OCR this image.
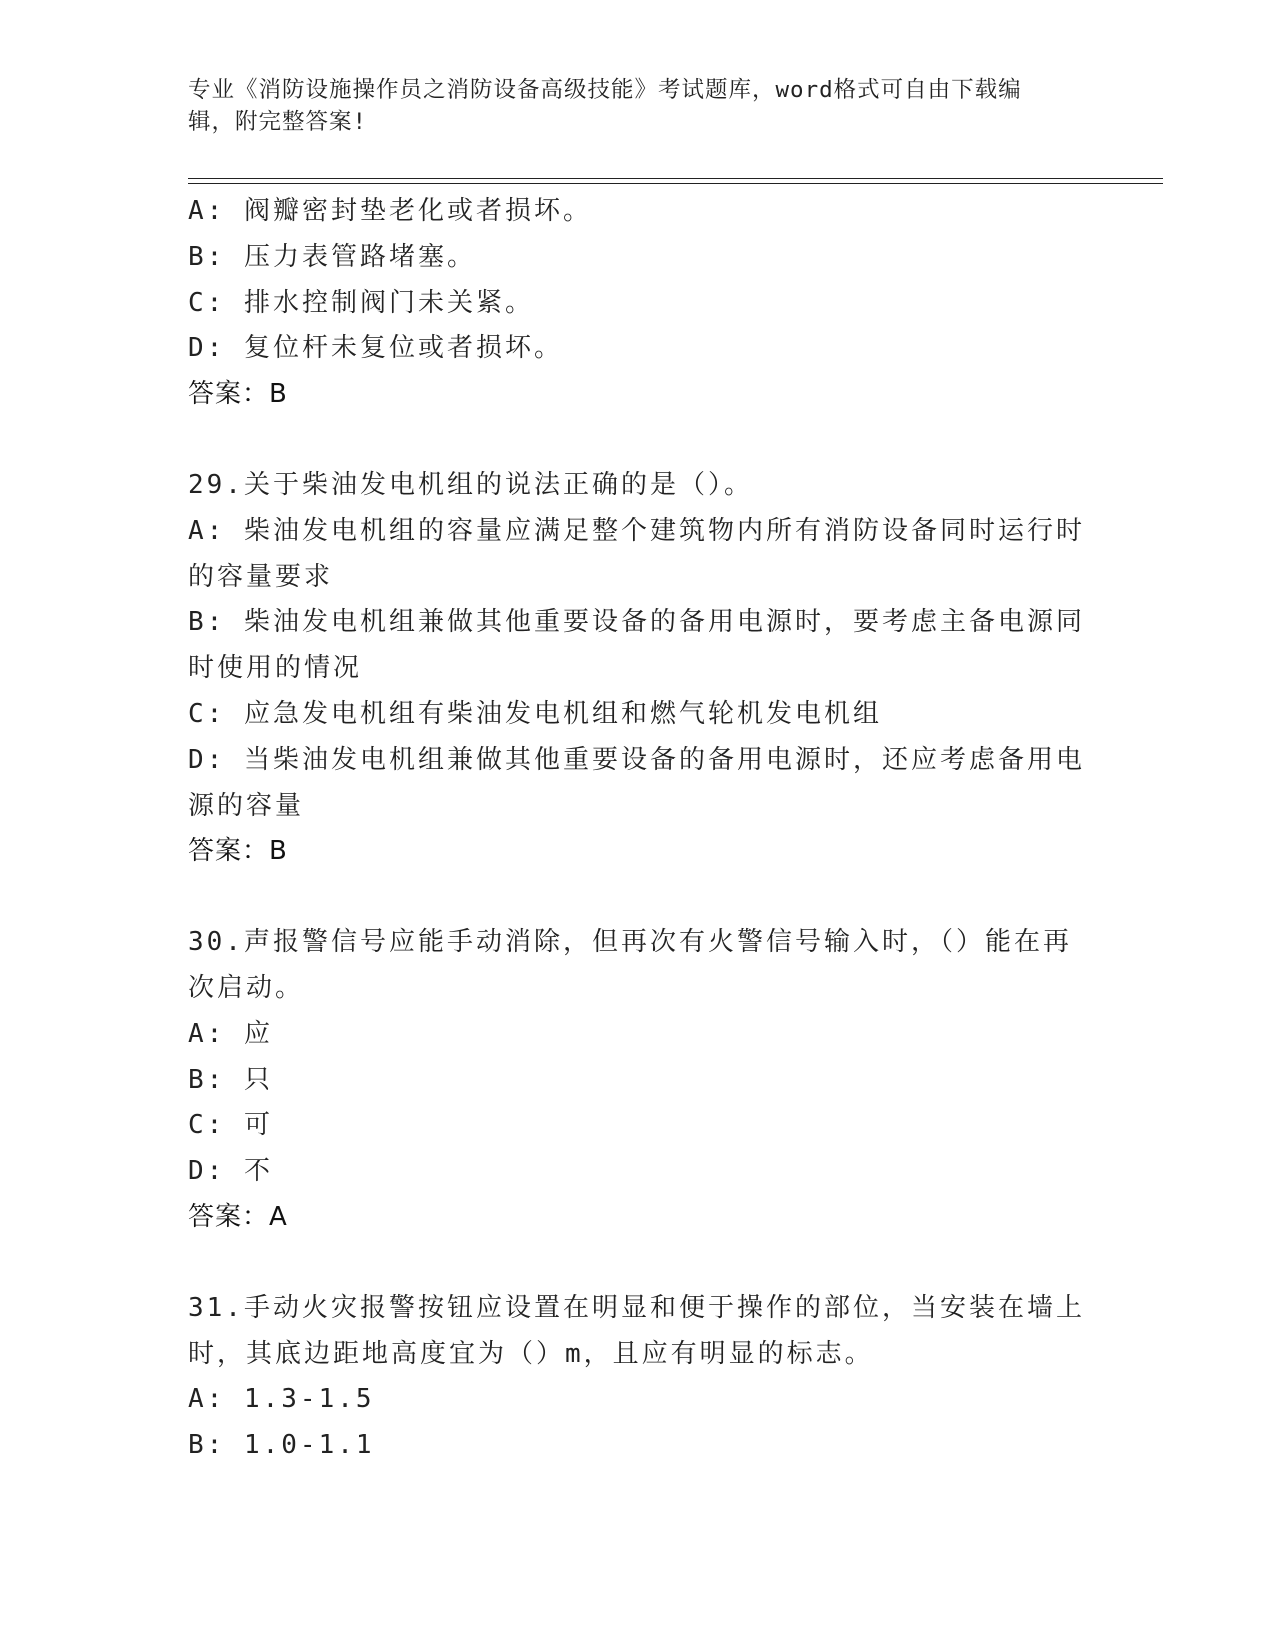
专业《消防设施操作员之消防设备高级技能》考试题库，word格式可自由下载编辑，附完整答案!

A: 阀瓣密封垫老化或者损坏。

B: 压力表管路堵塞。

C: 排水控制阀门未关紧。

D: 复位杆未复位或者损坏。

答案：B

29.关于柴油发电机组的说法正确的是（）。

A: 柴油发电机组的容量应满足整个建筑物内所有消防设备同时运行时的容量要求

B: 柴油发电机组兼做其他重要设备的备用电源时，要考虑主备电源同时使用的情况

C: 应急发电机组有柴油发电机组和燃气轮机发电机组

D: 当柴油发电机组兼做其他重要设备的备用电源时，还应考虑备用电源的容量

答案：B

30.声报警信号应能手动消除，但再次有火警信号输入时，（）能在再次启动。

A: 应

B: 只

C: 可

D: 不

答案：A

31.手动火灾报警按钮应设置在明显和便于操作的部位，当安装在墙上时，其底边距地高度宜为（）m，且应有明显的标志。

A: 1.3-1.5

B: 1.0-1.1
